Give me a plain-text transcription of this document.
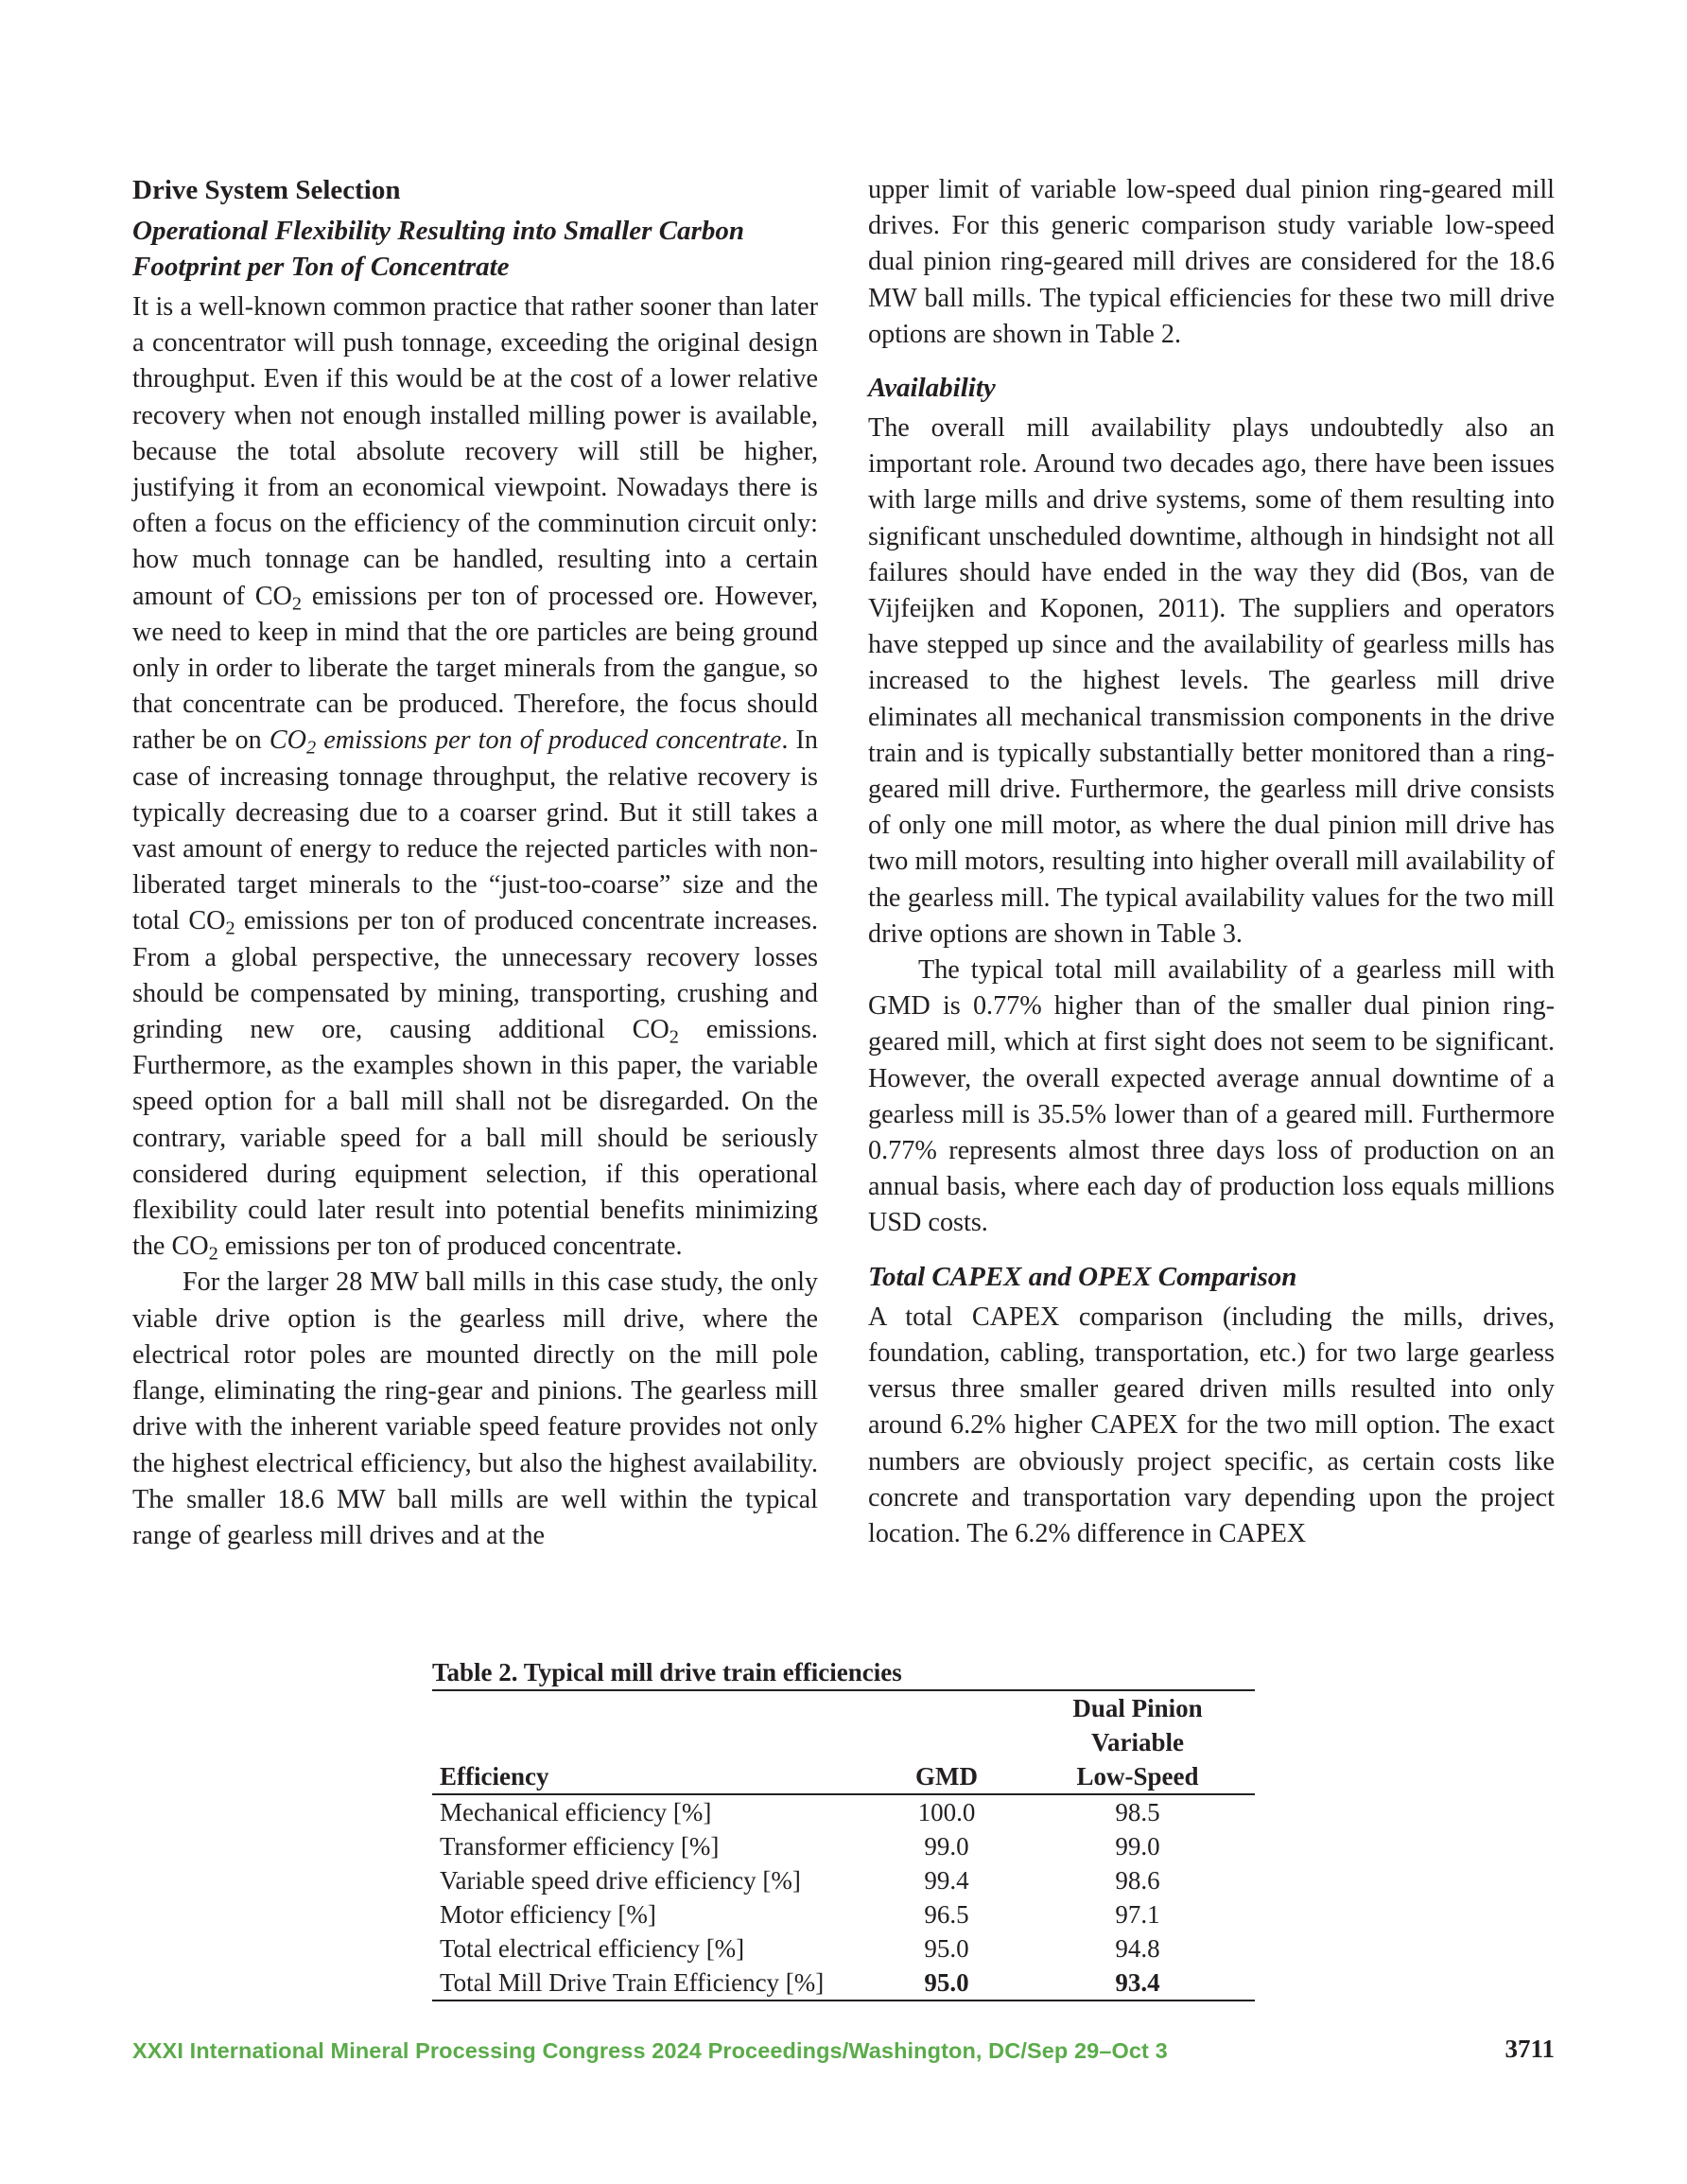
Drive System Selection
Operational Flexibility Resulting into Smaller Carbon Footprint per Ton of Concentrate

It is a well-known common practice that rather sooner than later a concentrator will push tonnage, exceeding the original design throughput. Even if this would be at the cost of a lower relative recovery when not enough installed milling power is available, because the total absolute recovery will still be higher, justifying it from an economical viewpoint. Nowadays there is often a focus on the efficiency of the comminution circuit only: how much tonnage can be handled, resulting into a certain amount of $CO_2$ emissions per ton of processed ore. However, we need to keep in mind that the ore particles are being ground only in order to liberate the target minerals from the gangue, so that concentrate can be produced. Therefore, the focus should rather be on $CO_2$ emissions per ton of produced concentrate. In case of increasing tonnage throughput, the relative recovery is typically decreasing due to a coarser grind. But it still takes a vast amount of energy to reduce the rejected particles with non-liberated target minerals to the “just-too-coarse” size and the total $CO_2$ emissions per ton of produced concentrate increases. From a global perspective, the unnecessary recovery losses should be compensated by mining, transporting, crushing and grinding new ore, causing additional $CO_2$ emissions. Furthermore, as the examples shown in this paper, the variable speed option for a ball mill shall not be disregarded. On the contrary, variable speed for a ball mill should be seriously considered during equipment selection, if this operational flexibility could later result into potential benefits minimizing the $CO_2$ emissions per ton of produced concentrate.

For the larger 28 MW ball mills in this case study, the only viable drive option is the gearless mill drive, where the electrical rotor poles are mounted directly on the mill pole flange, eliminating the ring-gear and pinions. The gearless mill drive with the inherent variable speed feature provides not only the highest electrical efficiency, but also the highest availability. The smaller 18.6 MW ball mills are well within the typical range of gearless mill drives and at the

upper limit of variable low-speed dual pinion ring-geared mill drives. For this generic comparison study variable low-speed dual pinion ring-geared mill drives are considered for the 18.6 MW ball mills. The typical efficiencies for these two mill drive options are shown in Table 2.

Availability

The overall mill availability plays undoubtedly also an important role. Around two decades ago, there have been issues with large mills and drive systems, some of them resulting into significant unscheduled downtime, although in hindsight not all failures should have ended in the way they did (Bos, van de Vijfeijken and Koponen, 2011). The suppliers and operators have stepped up since and the availability of gearless mills has increased to the highest levels. The gearless mill drive eliminates all mechanical transmission components in the drive train and is typically substantially better monitored than a ring-geared mill drive. Furthermore, the gearless mill drive consists of only one mill motor, as where the dual pinion mill drive has two mill motors, resulting into higher overall mill availability of the gearless mill. The typical availability values for the two mill drive options are shown in Table 3.

The typical total mill availability of a gearless mill with GMD is 0.77% higher than of the smaller dual pinion ring-geared mill, which at first sight does not seem to be significant. However, the overall expected average annual downtime of a gearless mill is 35.5% lower than of a geared mill. Furthermore 0.77% represents almost three days loss of production on an annual basis, where each day of production loss equals millions USD costs.

Total CAPEX and OPEX Comparison

A total CAPEX comparison (including the mills, drives, foundation, cabling, transportation, etc.) for two large gearless versus three smaller geared driven mills resulted into only around 6.2% higher CAPEX for the two mill option. The exact numbers are obviously project specific, as certain costs like concrete and transportation vary depending upon the project location. The 6.2% difference in CAPEX

Table 2. Typical mill drive train efficiencies
		Dual Pinion Variable
Efficiency	GMD	Low-Speed
Mechanical efficiency [%]	100.0	98.5
Transformer efficiency [%]	99.0	99.0
Variable speed drive efficiency [%]	99.4	98.6
Motor efficiency [%]	96.5	97.1
Total electrical efficiency [%]	95.0	94.8
Total Mill Drive Train Efficiency [%]	95.0	93.4
XXXI International Mineral Processing Congress 2024 Proceedings/Washington, DC/Sep 29–Oct 3	3711
